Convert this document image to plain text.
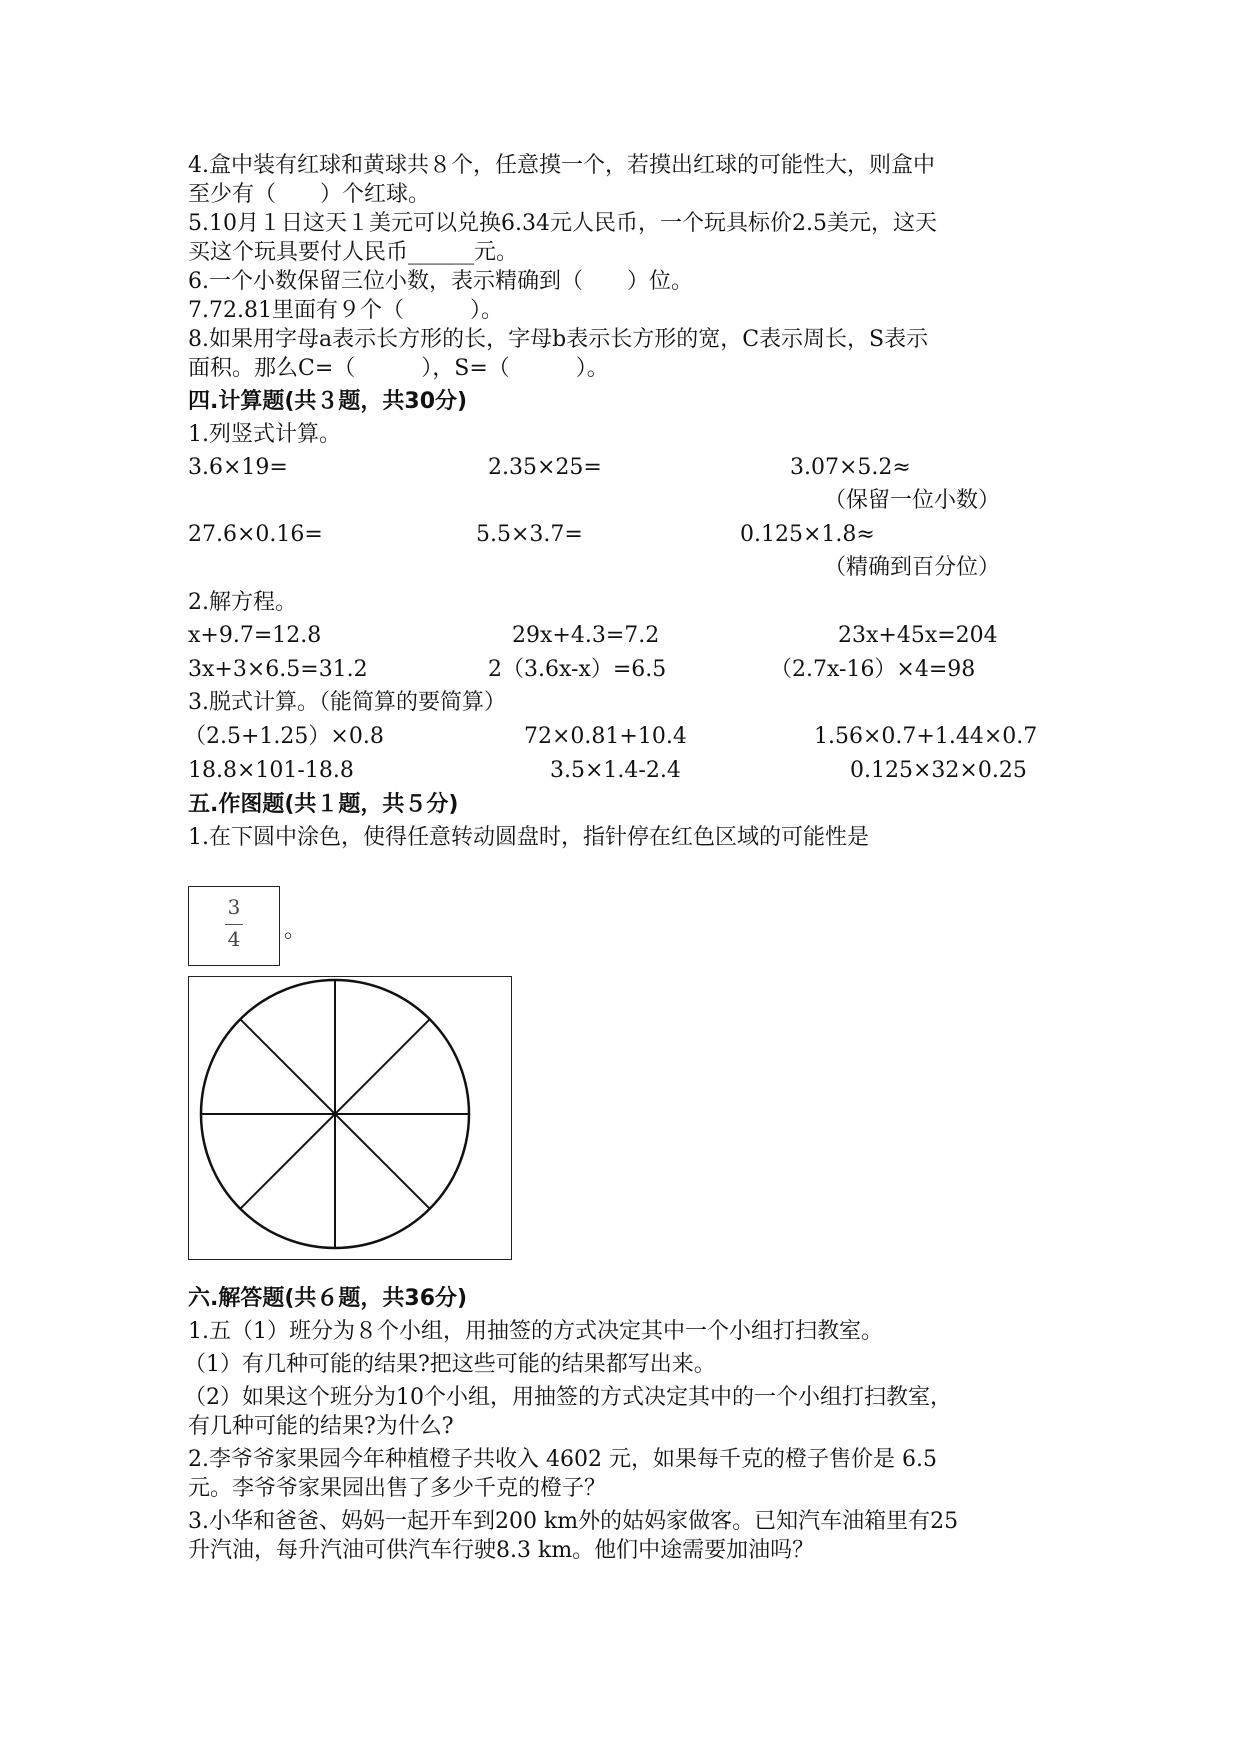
4.盒中装有红球和黄球共８个，任意摸一个，若摸出红球的可能性大，则盒中
至少有（　　）个红球。
5.10月１日这天１美元可以兑换6.34元人民币，一个玩具标价2.5美元，这天
买这个玩具要付人民币______元。
6.一个小数保留三位小数，表示精确到（　　）位。
7.72.81里面有９个（　　　）。
8.如果用字母a表示长方形的长，字母b表示长方形的宽，C表示周长，S表示
面积。那么C=（　　　），S=（　　　）。
四.计算题(共３题，共30分)
1.列竖式计算。
3.6×19=	2.35×25=	3.07×5.2≈
（保留一位小数）
27.6×0.16=	5.5×3.7=	0.125×1.8≈
（精确到百分位）
2.解方程。
x+9.7=12.8	29x+4.3=7.2	23x+45x=204
3x+3×6.5=31.2	2（3.6x-x）=6.5	（2.7x-16）×4=98
3.脱式计算。（能简算的要简算）
（2.5+1.25）×0.8	72×0.81+10.4	1.56×0.7+1.44×0.7
18.8×101-18.8	3.5×1.4-2.4	0.125×32×0.25
五.作图题(共１题，共５分)
1.在下圆中涂色，使得任意转动圆盘时，指针停在红色区域的可能性是
3
4	。
六.解答题(共６题，共36分)
1.五（1）班分为８个小组，用抽签的方式决定其中一个小组打扫教室。
（1）有几种可能的结果?把这些可能的结果都写出来。
（2）如果这个班分为10个小组，用抽签的方式决定其中的一个小组打扫教室，
有几种可能的结果?为什么?
2.李爷爷家果园今年种植橙子共收入 4602 元，如果每千克的橙子售价是 6.5
元。李爷爷家果园出售了多少千克的橙子？
3.小华和爸爸、妈妈一起开车到200 km外的姑妈家做客。已知汽车油箱里有25
升汽油，每升汽油可供汽车行驶8.3 km。他们中途需要加油吗？
